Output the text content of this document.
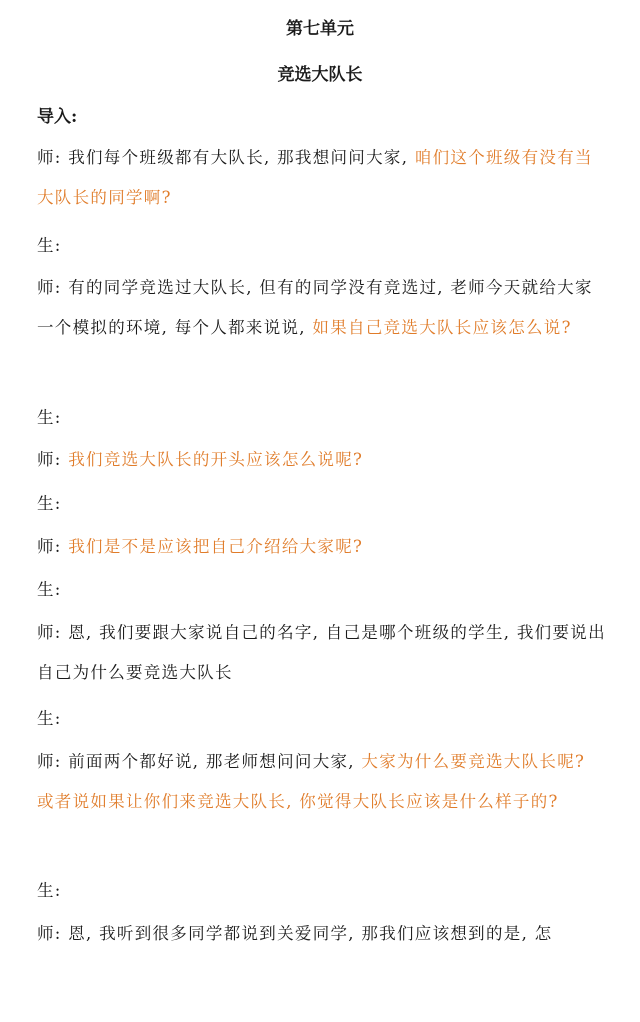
第七单元
竞选大队长
导入:

师: 我们每个班级都有大队长, 那我想问问大家, 咱们这个班级有没有当大队长的同学啊?

生:

师: 有的同学竞选过大队长, 但有的同学没有竞选过, 老师今天就给大家一个模拟的环境, 每个人都来说说, 如果自己竞选大队长应该怎么说?

生:

师: 我们竞选大队长的开头应该怎么说呢?

生:

师: 我们是不是应该把自己介绍给大家呢?

生:

师: 恩, 我们要跟大家说自己的名字, 自己是哪个班级的学生, 我们要说出自己为什么要竞选大队长

生:

师: 前面两个都好说, 那老师想问问大家, 大家为什么要竞选大队长呢? 或者说如果让你们来竞选大队长, 你觉得大队长应该是什么样子的?

生:

师: 恩, 我听到很多同学都说到关爱同学, 那我们应该想到的是, 怎
